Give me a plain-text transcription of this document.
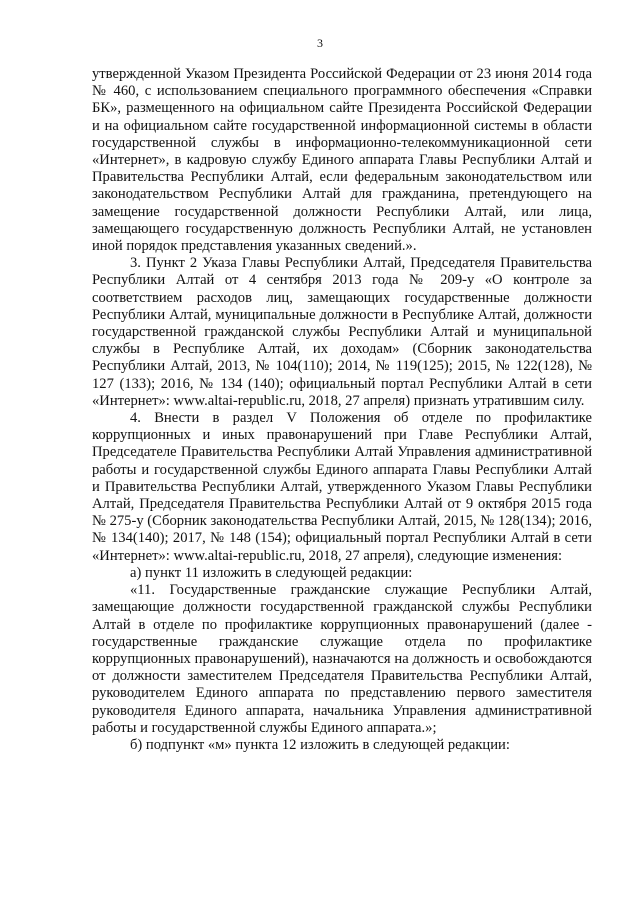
3

утвержденной Указом Президента Российской Федерации от 23 июня 2014 года № 460, с использованием специального программного обеспечения «Справки БК», размещенного на официальном сайте Президента Российской Федерации и на официальном сайте государственной информационной системы в области государственной службы в информационно-телекоммуникационной сети «Интернет», в кадровую службу Единого аппарата Главы Республики Алтай и Правительства Республики Алтай, если федеральным законодательством или законодательством Республики Алтай для гражданина, претендующего на замещение государственной должности Республики Алтай, или лица, замещающего государственную должность Республики Алтай, не установлен иной порядок представления указанных сведений.».

3. Пункт 2 Указа Главы Республики Алтай, Председателя Правительства Республики Алтай от 4 сентября 2013 года № 209-у «О контроле за соответствием расходов лиц, замещающих государственные должности Республики Алтай, муниципальные должности в Республике Алтай, должности государственной гражданской службы Республики Алтай и муниципальной службы в Республике Алтай, их доходам» (Сборник законодательства Республики Алтай, 2013, № 104(110); 2014, № 119(125); 2015, № 122(128), № 127 (133); 2016, № 134 (140); официальный портал Республики Алтай в сети «Интернет»: www.altai-republic.ru, 2018, 27 апреля) признать утратившим силу.

4. Внести в раздел V Положения об отделе по профилактике коррупционных и иных правонарушений при Главе Республики Алтай, Председателе Правительства Республики Алтай Управления административной работы и государственной службы Единого аппарата Главы Республики Алтай и Правительства Республики Алтай, утвержденного Указом Главы Республики Алтай, Председателя Правительства Республики Алтай от 9 октября 2015 года № 275-у (Сборник законодательства Республики Алтай, 2015, № 128(134); 2016, № 134(140); 2017, № 148 (154); официальный портал Республики Алтай в сети «Интернет»: www.altai-republic.ru, 2018, 27 апреля), следующие изменения:

а) пункт 11 изложить в следующей редакции:

«11. Государственные гражданские служащие Республики Алтай, замещающие должности государственной гражданской службы Республики Алтай в отделе по профилактике коррупционных правонарушений (далее - государственные гражданские служащие отдела по профилактике коррупционных правонарушений), назначаются на должность и освобождаются от должности заместителем Председателя Правительства Республики Алтай, руководителем Единого аппарата по представлению первого заместителя руководителя Единого аппарата, начальника Управления административной работы и государственной службы Единого аппарата.»;

б) подпункт «м» пункта 12 изложить в следующей редакции:
